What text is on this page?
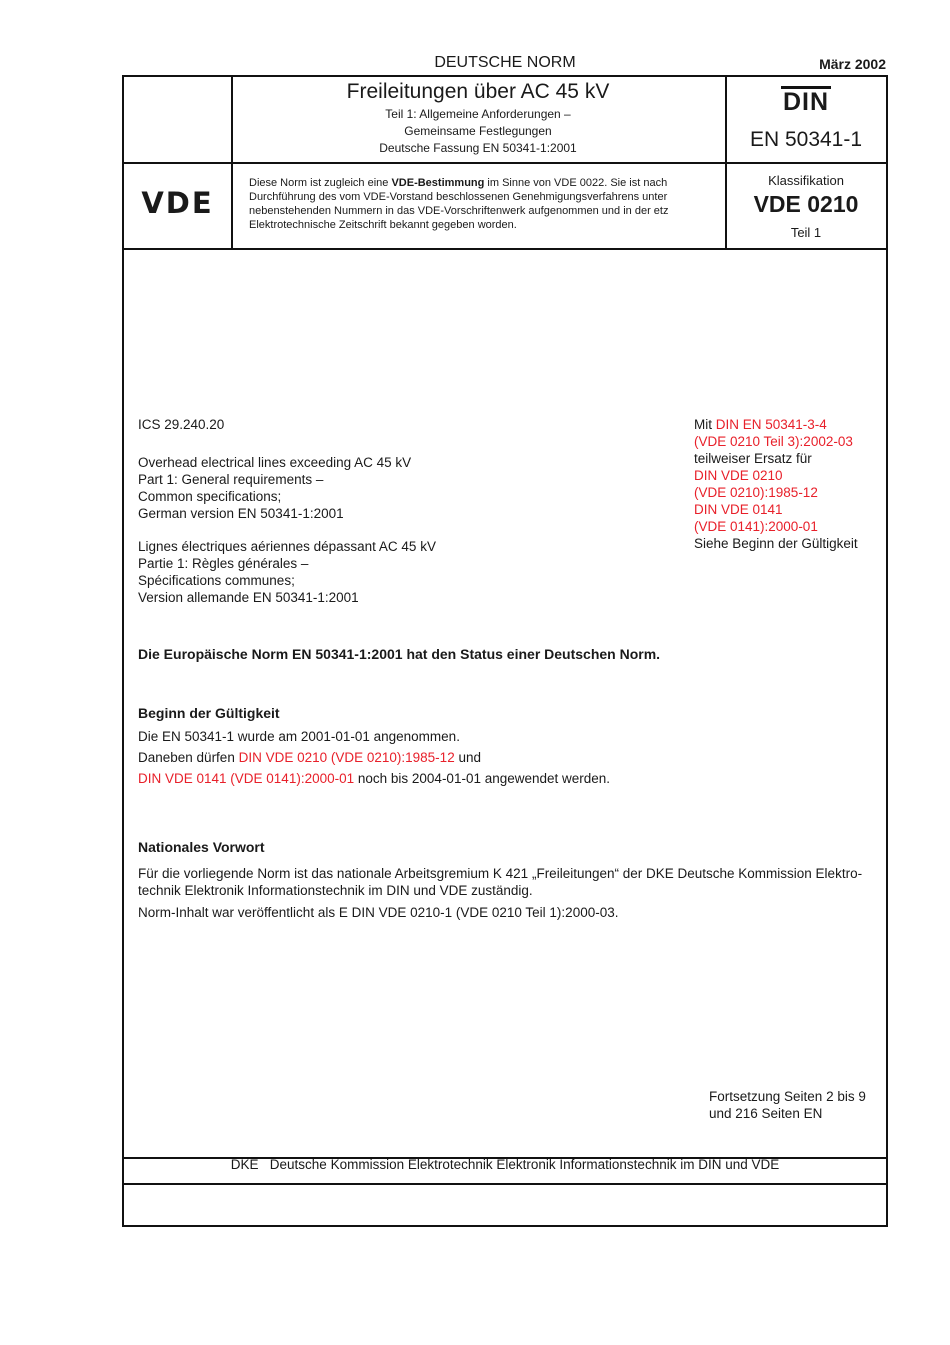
DEUTSCHE NORM	März 2002
Freileitungen über AC 45 kV
Teil 1: Allgemeine Anforderungen –
Gemeinsame Festlegungen
Deutsche Fassung EN 50341-1:2001
DIN
EN 50341-1
VDE
Diese Norm ist zugleich eine VDE-Bestimmung im Sinne von VDE 0022. Sie ist nach Durchführung des vom VDE-Vorstand beschlossenen Genehmigungsverfahrens unter nebenstehenden Nummern in das VDE-Vorschriftenwerk aufgenommen und in der etz Elektrotechnische Zeitschrift bekannt gegeben worden.
Klassifikation
VDE 0210
Teil 1
ICS 29.240.20
Overhead electrical lines exceeding AC 45 kV
Part 1: General requirements –
Common specifications;
German version EN 50341-1:2001
Lignes électriques aériennes dépassant AC 45 kV
Partie 1: Règles générales –
Spécifications communes;
Version allemande EN 50341-1:2001
Mit DIN EN 50341-3-4
(VDE 0210 Teil 3):2002-03
teilweiser Ersatz für
DIN VDE 0210
(VDE 0210):1985-12
DIN VDE 0141
(VDE 0141):2000-01
Siehe Beginn der Gültigkeit
Die Europäische Norm EN 50341-1:2001 hat den Status einer Deutschen Norm.
Beginn der Gültigkeit
Die EN 50341-1 wurde am 2001-01-01 angenommen.
Daneben dürfen DIN VDE 0210 (VDE 0210):1985-12 und
DIN VDE 0141 (VDE 0141):2000-01 noch bis 2004-01-01 angewendet werden.
Nationales Vorwort
Für die vorliegende Norm ist das nationale Arbeitsgremium K 421 „Freileitungen“ der DKE Deutsche Kommission Elektro-
technik Elektronik Informationstechnik im DIN und VDE zuständig.
Norm-Inhalt war veröffentlicht als E DIN VDE 0210-1 (VDE 0210 Teil 1):2000-03.
Fortsetzung Seiten 2 bis 9
und 216 Seiten EN
DKE Deutsche Kommission Elektrotechnik Elektronik Informationstechnik im DIN und VDE
